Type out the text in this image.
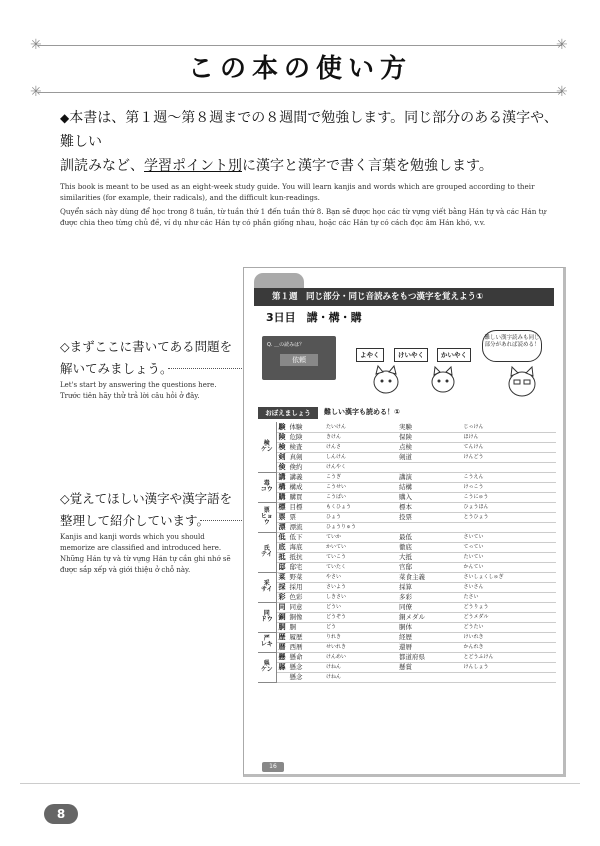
✳	✳
✳	✳
この本の使い方
◆本書は、第１週～第８週までの８週間で勉強します。同じ部分のある漢字や、難しい
訓読みなど、学習ポイント別に漢字と漢字で書く言葉を勉強します。
This book is meant to be used as an eight-week study guide. You will learn kanjis and words which are grouped according to their similarities (for example, their radicals), and the difficult kun-readings.
Quyển sách này dùng để học trong 8 tuần, từ tuần thứ 1 đến tuần thứ 8. Bạn sẽ được học các từ vựng viết bằng Hán tự và các Hán tự được chia theo từng chủ đề, ví dụ như các Hán tự có phần giống nhau, hoặc các Hán tự có cách đọc âm Hán khó, v.v.
◇まずここに書いてある問題を解いてみましょう。
Let's start by answering the questions here.
Trước tiên hãy thử trả lời câu hỏi ở đây.
◇覚えてほしい漢字や漢字語を整理して紹介しています。
Kanjis and kanji words which you should memorize are classified and introduced here.
Những Hán tự và từ vựng Hán tự cần ghi nhớ sẽ được sắp xếp và giới thiệu ở chỗ này.
第１週　同じ部分・同じ音読みをもつ漢字を覚えよう①
3日目　講・構・購
Q. ＿の読みは？
依頼
よやく	けいやく	かいやく
難しい漢字読みも同じ部分があれば読める！
おぼえましょう	難しい漢字も読める！①
検
ケン	験	体験	たいけん	実験	じっけん
	険	危険	きけん	保険	ほけん
	検	検査	けんさ	点検	てんけん
	剣	真剣	しんけん	剣道	けんどう
	倹	倹約	けんやく		
毒
コウ	講	講義	こうぎ	講演	こうえん
	構	構成	こうせい	結構	けっこう
	購	購買	こうばい	購入	こうにゅう
票
ヒョウ	標	目標	もくひょう	標本	ひょうほん
	票	票	ひょう	投票	とうひょう
	漂	漂流	ひょうりゅう		
氏
テイ	低	低下	ていか	最低	さいてい
	底	海底	かいてい	徹底	てってい
	抵	抵抗	ていこう	大抵	たいてい
	邸	邸宅	ていたく	官邸	かんてい
采
サイ	菜	野菜	やさい	菜食主義	さいしょくしゅぎ
	採	採用	さいよう	採算	さいさん
	彩	色彩	しきさい	多彩	たさい
同
ドウ	同	同意	どうい	同僚	どうりょう
	銅	銅像	どうぞう	銅メダル	どうメダル
	胴	胴	どう	胴体	どうたい
严
レキ	歴	履歴	りれき	経歴	けいれき
	暦	西暦	せいれき	還暦	かんれき
県
ケン	懸	懸命	けんめい	都道府県	とどうふけん
	縣	懸念	けねん	懸賞	けんしょう
		懸念	けねん		
16
8
